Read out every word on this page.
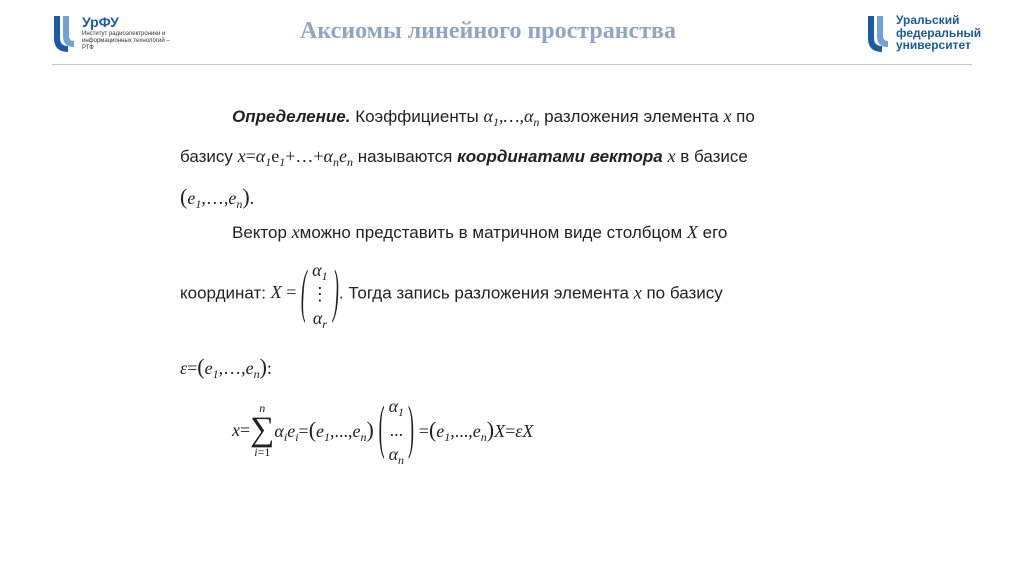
УрФУ
Институт радиоэлектроники и информационных технологий – РТФ
Аксиомы линейного пространства	Уральский
федеральный
университет
Определение. Коэффициенты $\alpha_1,\dots,\alpha_n$ разложения элемента x по
базису $x=\alpha_1e_1+\dots+\alpha_ne_n$ называются координатами вектора x в базисе
$(e_1,\dots,e_n)$.
Вектор xможно представить в матричном виде столбцом X его
координат: X = ( $\alpha_1$
⋮
$\alpha_r$
). Тогда запись разложения элемента x по базису
$\varepsilon=(e_1,\dots,e_n)$:
x=
n
∑
i=1
$\alpha_ie_i=(e_1,...,e_n)$ ( $\alpha_1$
...
$\alpha_n$ ) $=(e_1,...,e_n)X=\varepsilon X$
